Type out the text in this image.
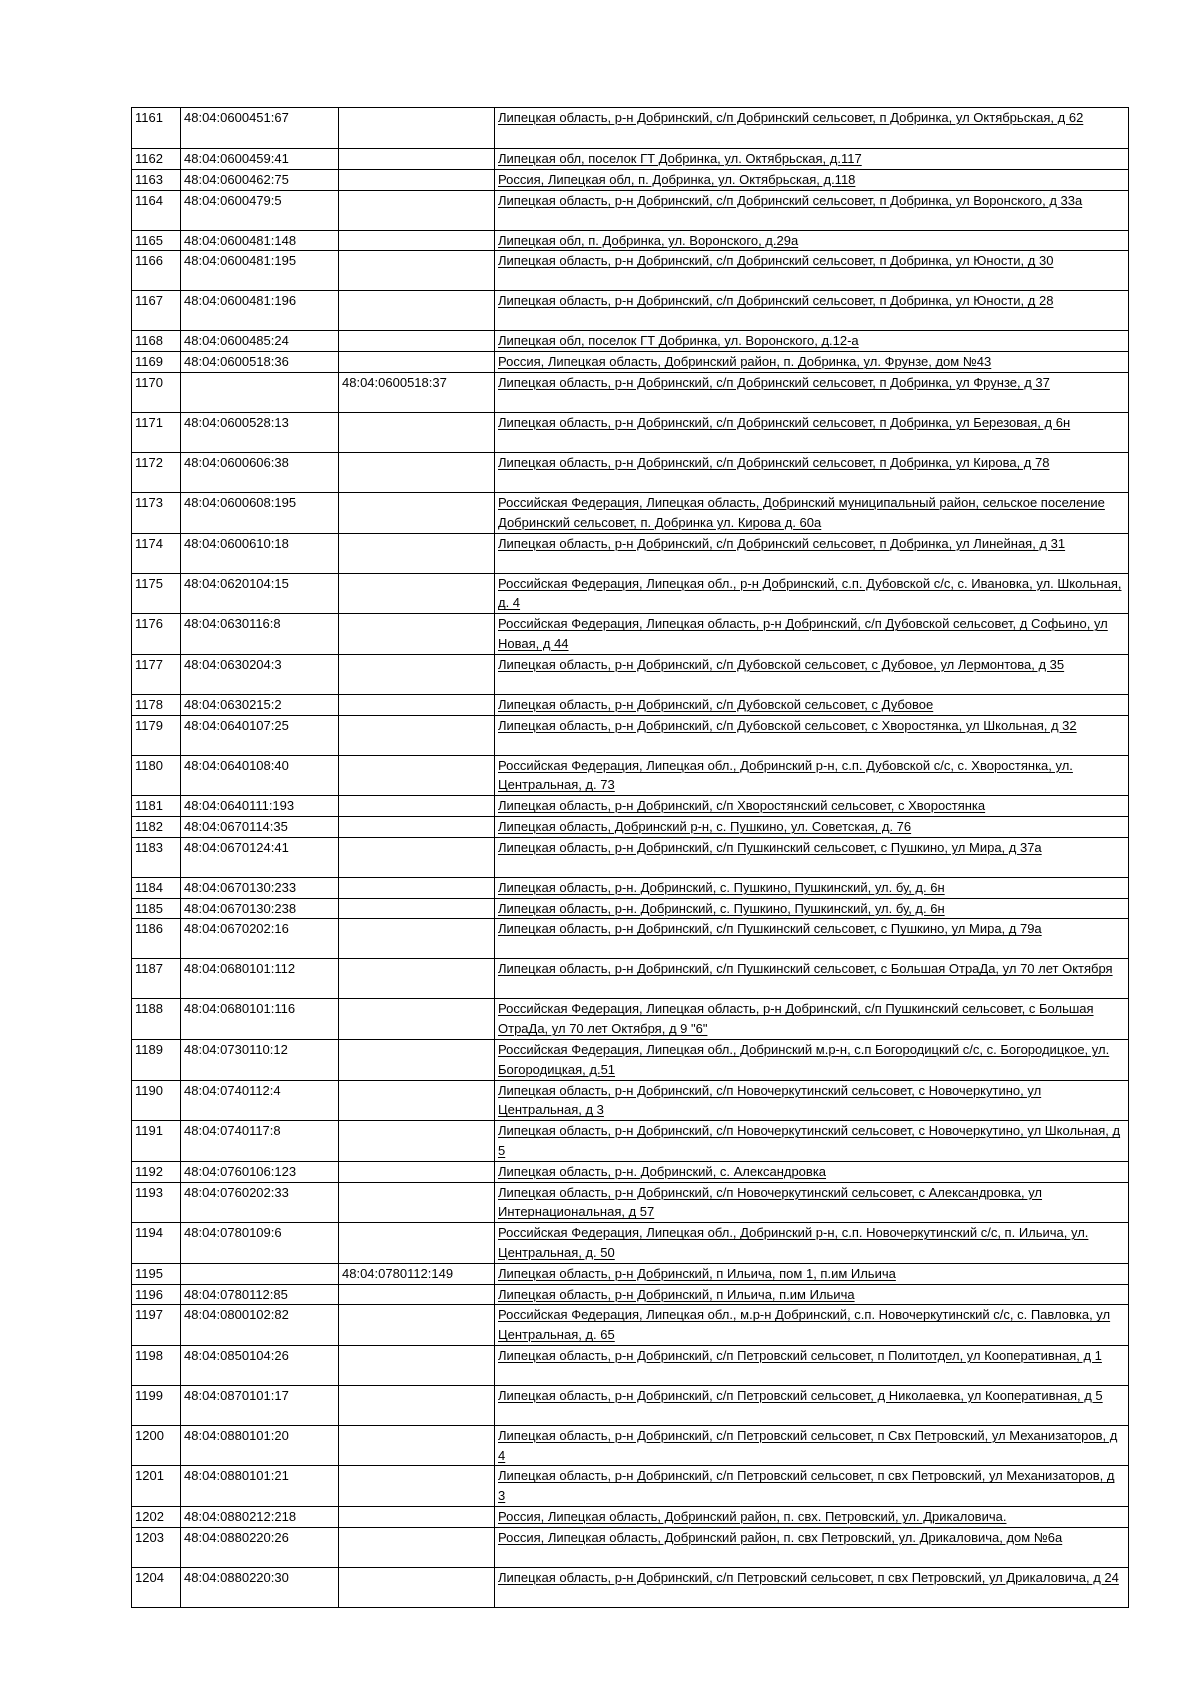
1161	48:04:0600451:67		Липецкая область, р-н Добринский, с/п Добринский сельсовет, п Добринка, ул Октябрьская, д 62
1162	48:04:0600459:41		Липецкая обл, поселок ГТ Добринка, ул. Октябрьская, д.117
1163	48:04:0600462:75		Россия, Липецкая обл, п. Добринка, ул. Октябрьская, д.118
1164	48:04:0600479:5		Липецкая область, р-н Добринский, с/п Добринский сельсовет, п Добринка, ул Воронского, д 33а
1165	48:04:0600481:148		Липецкая обл, п. Добринка, ул. Воронского, д.29а
1166	48:04:0600481:195		Липецкая область, р-н Добринский, с/п Добринский сельсовет, п Добринка, ул Юности, д 30
1167	48:04:0600481:196		Липецкая область, р-н Добринский, с/п Добринский сельсовет, п Добринка, ул Юности, д 28
1168	48:04:0600485:24		Липецкая обл, поселок ГТ Добринка, ул. Воронского, д.12-а
1169	48:04:0600518:36		Россия, Липецкая область, Добринский район, п. Добринка, ул. Фрунзе, дом №43
1170		48:04:0600518:37	Липецкая область, р-н Добринский, с/п Добринский сельсовет, п Добринка, ул Фрунзе, д 37
1171	48:04:0600528:13		Липецкая область, р-н Добринский, с/п Добринский сельсовет, п Добринка, ул Березовая, д 6н
1172	48:04:0600606:38		Липецкая область, р-н Добринский, с/п Добринский сельсовет, п Добринка, ул Кирова, д 78
1173	48:04:0600608:195		Российская Федерация, Липецкая область, Добринский муниципальный район, сельское поселение Добринский сельсовет, п. Добринка ул. Кирова д. 60а
1174	48:04:0600610:18		Липецкая область, р-н Добринский, с/п Добринский сельсовет, п Добринка, ул Линейная, д 31
1175	48:04:0620104:15		Российская Федерация, Липецкая обл., р-н Добринский, с.п. Дубовской с/с, с. Ивановка, ул. Школьная, д. 4
1176	48:04:0630116:8		Российская Федерация, Липецкая область, р-н Добринский, с/п Дубовской сельсовет, д Софьино, ул Новая, д 44
1177	48:04:0630204:3		Липецкая область, р-н Добринский, с/п Дубовской сельсовет, с Дубовое, ул Лермонтова, д 35
1178	48:04:0630215:2		Липецкая область, р-н Добринский, с/п Дубовской сельсовет, с Дубовое
1179	48:04:0640107:25		Липецкая область, р-н Добринский, с/п Дубовской сельсовет, с Хворостянка, ул Школьная, д 32
1180	48:04:0640108:40		Российская Федерация, Липецкая обл., Добринский р-н, с.п. Дубовской с/с, с. Хворостянка, ул. Центральная, д. 73
1181	48:04:0640111:193		Липецкая область, р-н Добринский, с/п Хворостянский сельсовет, с Хворостянка
1182	48:04:0670114:35		Липецкая область, Добринский р-н, с. Пушкино, ул. Советская, д. 76
1183	48:04:0670124:41		Липецкая область, р-н Добринский, с/п Пушкинский сельсовет, с Пушкино, ул Мира, д 37а
1184	48:04:0670130:233		Липецкая область, р-н. Добринский, с. Пушкино, Пушкинский, ул. бу, д. 6н
1185	48:04:0670130:238		Липецкая область, р-н. Добринский, с. Пушкино, Пушкинский, ул. бу, д. 6н
1186	48:04:0670202:16		Липецкая область, р-н Добринский, с/п Пушкинский сельсовет, с Пушкино, ул Мира, д 79а
1187	48:04:0680101:112		Липецкая область, р-н Добринский, с/п Пушкинский сельсовет, с Большая ОтраДа, ул 70 лет Октября
1188	48:04:0680101:116		Российская Федерация, Липецкая область, р-н Добринский, с/п Пушкинский сельсовет, с Большая ОтраДа, ул 70 лет Октября, д 9 "6"
1189	48:04:0730110:12		Российская Федерация, Липецкая обл., Добринский м.р-н, с.п Богородицкий с/с, с. Богородицкое, ул. Богородицкая, д.51
1190	48:04:0740112:4		Липецкая область, р-н Добринский, с/п Новочеркутинский сельсовет, с Новочеркутино, ул Центральная, д 3
1191	48:04:0740117:8		Липецкая область, р-н Добринский, с/п Новочеркутинский сельсовет, с Новочеркутино, ул Школьная, д 5
1192	48:04:0760106:123		Липецкая область, р-н. Добринский, с. Александровка
1193	48:04:0760202:33		Липецкая область, р-н Добринский, с/п Новочеркутинский сельсовет, с Александровка, ул Интернациональная, д 57
1194	48:04:0780109:6		Российская Федерация, Липецкая обл., Добринский р-н, с.п. Новочеркутинский с/с, п. Ильича, ул. Центральная, д. 50
1195		48:04:0780112:149	Липецкая область, р-н Добринский, п Ильича, пом 1, п.им Ильича
1196	48:04:0780112:85		Липецкая область, р-н Добринский, п Ильича, п.им Ильича
1197	48:04:0800102:82		Российская Федерация, Липецкая обл., м.р-н Добринский, с.п. Новочеркутинский с/с, с. Павловка, ул Центральная, д. 65
1198	48:04:0850104:26		Липецкая область, р-н Добринский, с/п Петровский сельсовет, п Политотдел, ул Кооперативная, д 1
1199	48:04:0870101:17		Липецкая область, р-н Добринский, с/п Петровский сельсовет, д Николаевка, ул Кооперативная, д 5
1200	48:04:0880101:20		Липецкая область, р-н Добринский, с/п Петровский сельсовет, п Свх Петровский, ул Механизаторов, д 4
1201	48:04:0880101:21		Липецкая область, р-н Добринский, с/п Петровский сельсовет, п свх Петровский, ул Механизаторов, д 3
1202	48:04:0880212:218		Россия, Липецкая область, Добринский район, п. свх. Петровский, ул. Дрикаловича.
1203	48:04:0880220:26		Россия, Липецкая область, Добринский район, п. свх Петровский, ул. Дрикаловича, дом №6а
1204	48:04:0880220:30		Липецкая область, р-н Добринский, с/п Петровский сельсовет, п свх Петровский, ул Дрикаловича, д 24
